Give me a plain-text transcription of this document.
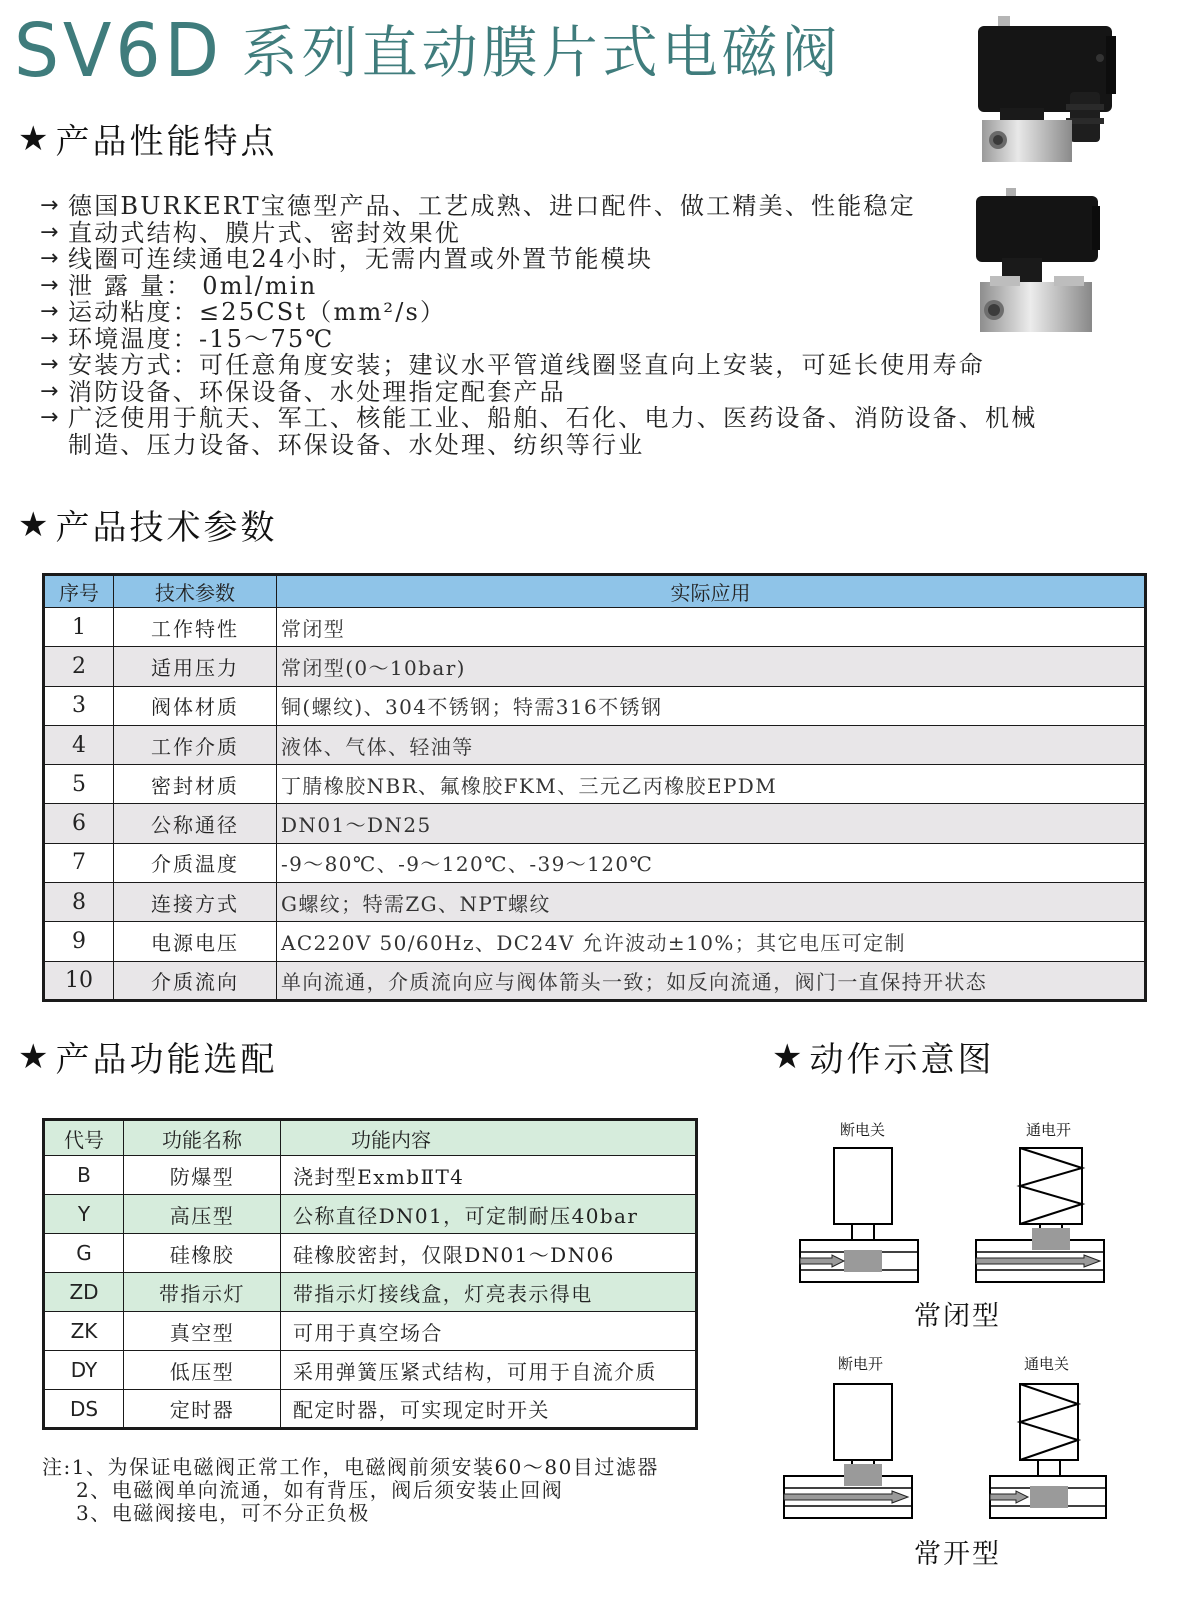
SV6D 系列直动膜片式电磁阀
★ 产品性能特点
→ 德国BURKERT宝德型产品、工艺成熟、进口配件、做工精美、性能稳定
→ 直动式结构、膜片式、密封效果优
→ 线圈可连续通电24小时，无需内置或外置节能模块
→ 泄 露 量： 0ml/min
→ 运动粘度：≤25CSt（mm²/s）
→ 环境温度：-15～75℃
→ 安装方式：可任意角度安装；建议水平管道线圈竖直向上安装，可延长使用寿命
→ 消防设备、环保设备、水处理指定配套产品
→ 广泛使用于航天、军工、核能工业、船舶、石化、电力、医药设备、消防设备、机械
制造、压力设备、环保设备、水处理、纺织等行业
★ 产品技术参数
序号	技术参数	实际应用
1	工作特性	常闭型
2	适用压力	常闭型(0～10bar)
3	阀体材质	铜(螺纹)、304不锈钢；特需316不锈钢
4	工作介质	液体、气体、轻油等
5	密封材质	丁腈橡胶NBR、氟橡胶FKM、三元乙丙橡胶EPDM
6	公称通径	DN01～DN25
7	介质温度	-9～80℃、-9～120℃、-39～120℃
8	连接方式	G螺纹；特需ZG、NPT螺纹
9	电源电压	AC220V 50/60Hz、DC24V 允许波动±10%；其它电压可定制
10	介质流向	单向流通，介质流向应与阀体箭头一致；如反向流通，阀门一直保持开状态
★ 产品功能选配
代号	功能名称	功能内容
B	防爆型	浇封型ExmbⅡT4
Y	高压型	公称直径DN01，可定制耐压40bar
G	硅橡胶	硅橡胶密封，仅限DN01～DN06
ZD	带指示灯	带指示灯接线盒，灯亮表示得电
ZK	真空型	可用于真空场合
DY	低压型	采用弹簧压紧式结构，可用于自流介质
DS	定时器	配定时器，可实现定时开关
注:1、为保证电磁阀正常工作，电磁阀前须安装60～80目过滤器
2、电磁阀单向流通，如有背压，阀后须安装止回阀
3、电磁阀接电，可不分正负极
★ 动作示意图
断电关	通电开
常闭型
断电开	通电关
常开型
